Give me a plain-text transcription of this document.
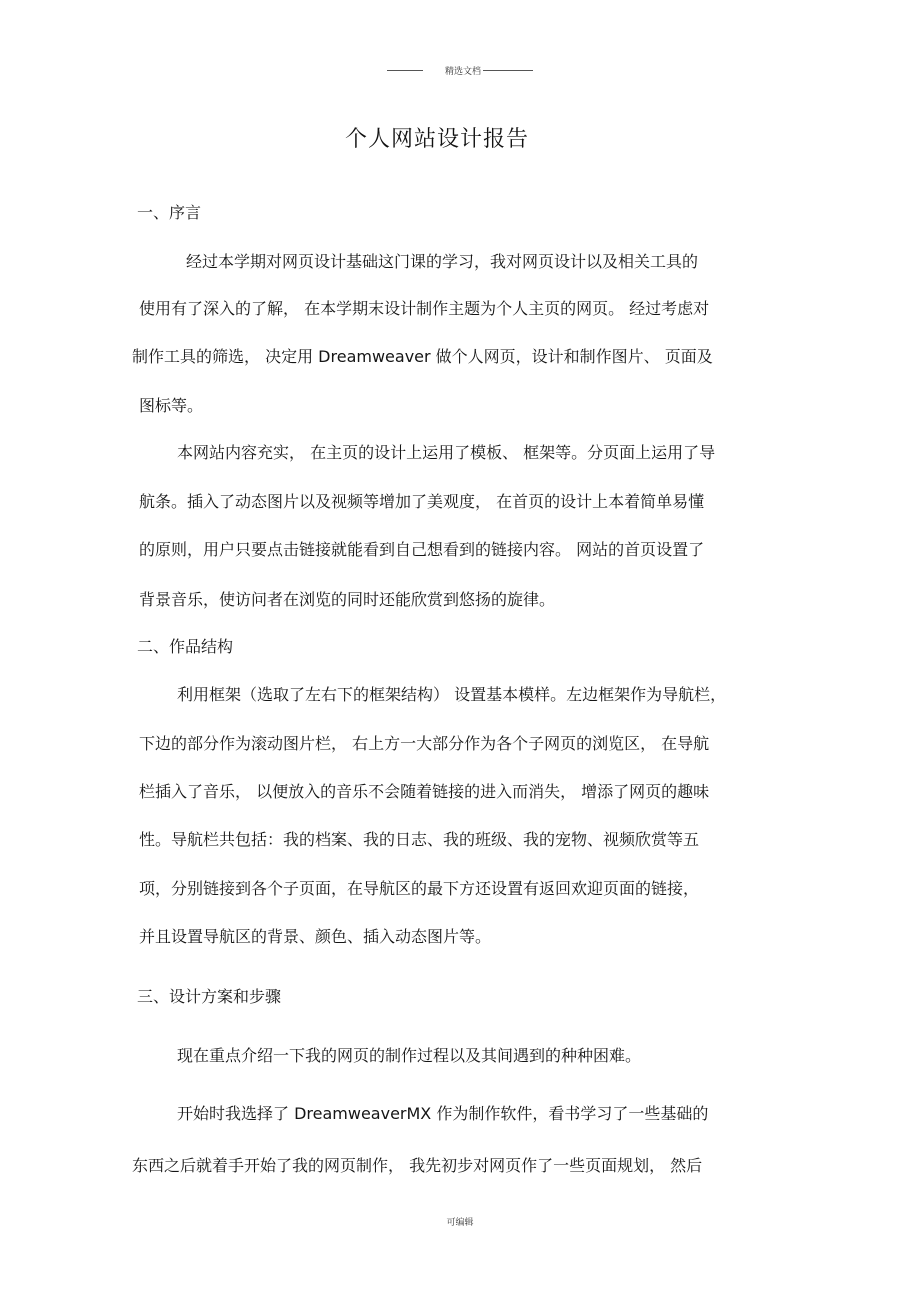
精选文档
个人网站设计报告
一、序言
经过本学期对网页设计基础这门课的学习，我对网页设计以及相关工具的
使用有了深入的了解， 在本学期末设计制作主题为个人主页的网页。 经过考虑对
制作工具的筛选， 决定用 Dreamweaver 做个人网页，设计和制作图片、 页面及
图标等。
本网站内容充实， 在主页的设计上运用了模板、 框架等。分页面上运用了导
航条。插入了动态图片以及视频等增加了美观度， 在首页的设计上本着简单易懂
的原则，用户只要点击链接就能看到自己想看到的链接内容。 网站的首页设置了
背景音乐，使访问者在浏览的同时还能欣赏到悠扬的旋律。
二、作品结构
利用框架（选取了左右下的框架结构） 设置基本模样。左边框架作为导航栏，
下边的部分作为滚动图片栏， 右上方一大部分作为各个子网页的浏览区， 在导航
栏插入了音乐， 以便放入的音乐不会随着链接的进入而消失， 增添了网页的趣味
性。导航栏共包括：我的档案、我的日志、我的班级、我的宠物、视频欣赏等五
项，分别链接到各个子页面，在导航区的最下方还设置有返回欢迎页面的链接，
并且设置导航区的背景、颜色、插入动态图片等。
三、设计方案和步骤
现在重点介绍一下我的网页的制作过程以及其间遇到的种种困难。
开始时我选择了 DreamweaverMX 作为制作软件，看书学习了一些基础的
东西之后就着手开始了我的网页制作， 我先初步对网页作了一些页面规划， 然后
可编辑
